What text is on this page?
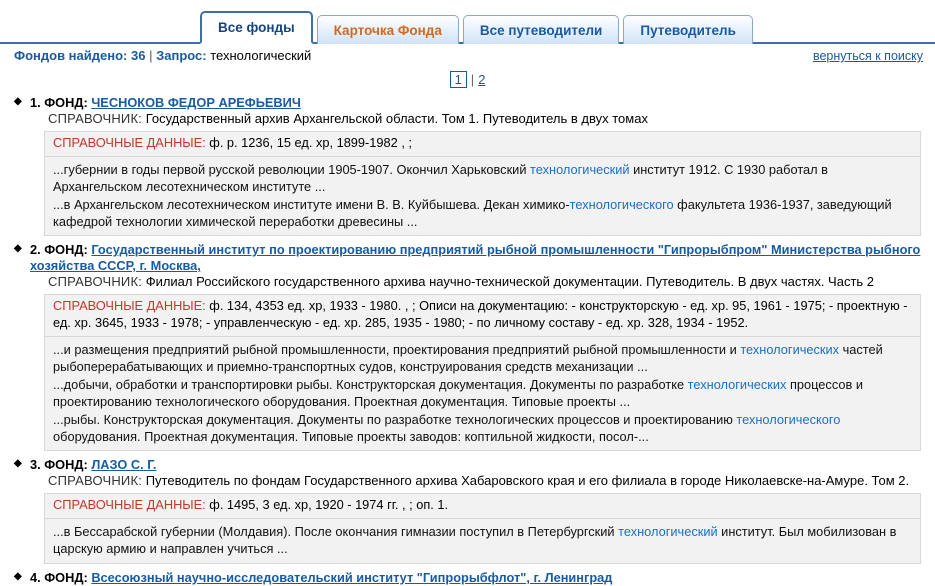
Все фонды	Карточка Фонда	Все путеводители	Путеводитель
Фондов найдено: 36 | Запрос: технологический	вернуться к поиску
1 | 2
◆ 1. ФОНД: ЧЕСНОКОВ ФЕДОР АРЕФЬЕВИЧ
СПРАВОЧНИК: Государственный архив Архангельской области. Том 1. Путеводитель в двух томах
СПРАВОЧНЫЕ ДАННЫЕ: ф. р. 1236, 15 ед. хр, 1899-1982 , ;

...губернии в годы первой русской революции 1905-1907. Окончил Харьковский технологический институт 1912. С 1930 работал в Архангельском лесотехническом институте ...

...в Архангельском лесотехническом институте имени В. В. Куйбышева. Декан химико-технологического факультета 1936-1937, заведующий кафедрой технологии химической переработки древесины ...

◆ 2. ФОНД: Государственный институт по проектированию предприятий рыбной промышленности "Гипрорыбпром" Министерства рыбного хозяйства СССР, г. Москва,
СПРАВОЧНИК: Филиал Российского государственного архива научно-технической документации. Путеводитель. В двух частях. Часть 2
СПРАВОЧНЫЕ ДАННЫЕ: ф. 134, 4353 ед. хр, 1933 - 1980. , ; Описи на документацию: - конструкторскую - ед. хр. 95, 1961 - 1975; - проектную - ед. хр. 3645, 1933 - 1978; - управленческую - ед. хр. 285, 1935 - 1980; - по личному составу - ед. хр. 328, 1934 - 1952.

...и размещения предприятий рыбной промышленности, проектирования предприятий рыбной промышленности и технологических частей рыбоперерабатывающих и приемно-транспортных судов, конструирования средств механизации ...

...добычи, обработки и транспортировки рыбы. Конструкторская документация. Документы по разработке технологических процессов и проектированию технологического оборудования. Проектная документация. Типовые проекты ...

...рыбы. Конструкторская документация. Документы по разработке технологических процессов и проектированию технологического оборудования. Проектная документация. Типовые проекты заводов: коптильной жидкости, посол-...

◆ 3. ФОНД: ЛАЗО С. Г.
СПРАВОЧНИК: Путеводитель по фондам Государственного архива Хабаровского края и его филиала в городе Николаевске-на-Амуре. Том 2.
СПРАВОЧНЫЕ ДАННЫЕ: ф. 1495, 3 ед. хр, 1920 - 1974 гг. , ; оп. 1.

...в Бессарабской губернии (Молдавия). После окончания гимназии поступил в Петербургский технологический институт. Был мобилизован в царскую армию и направлен учиться ...

◆ 4. ФОНД: Всесоюзный научно-исследовательский институт "Гипрорыбфлот", г. Ленинград
